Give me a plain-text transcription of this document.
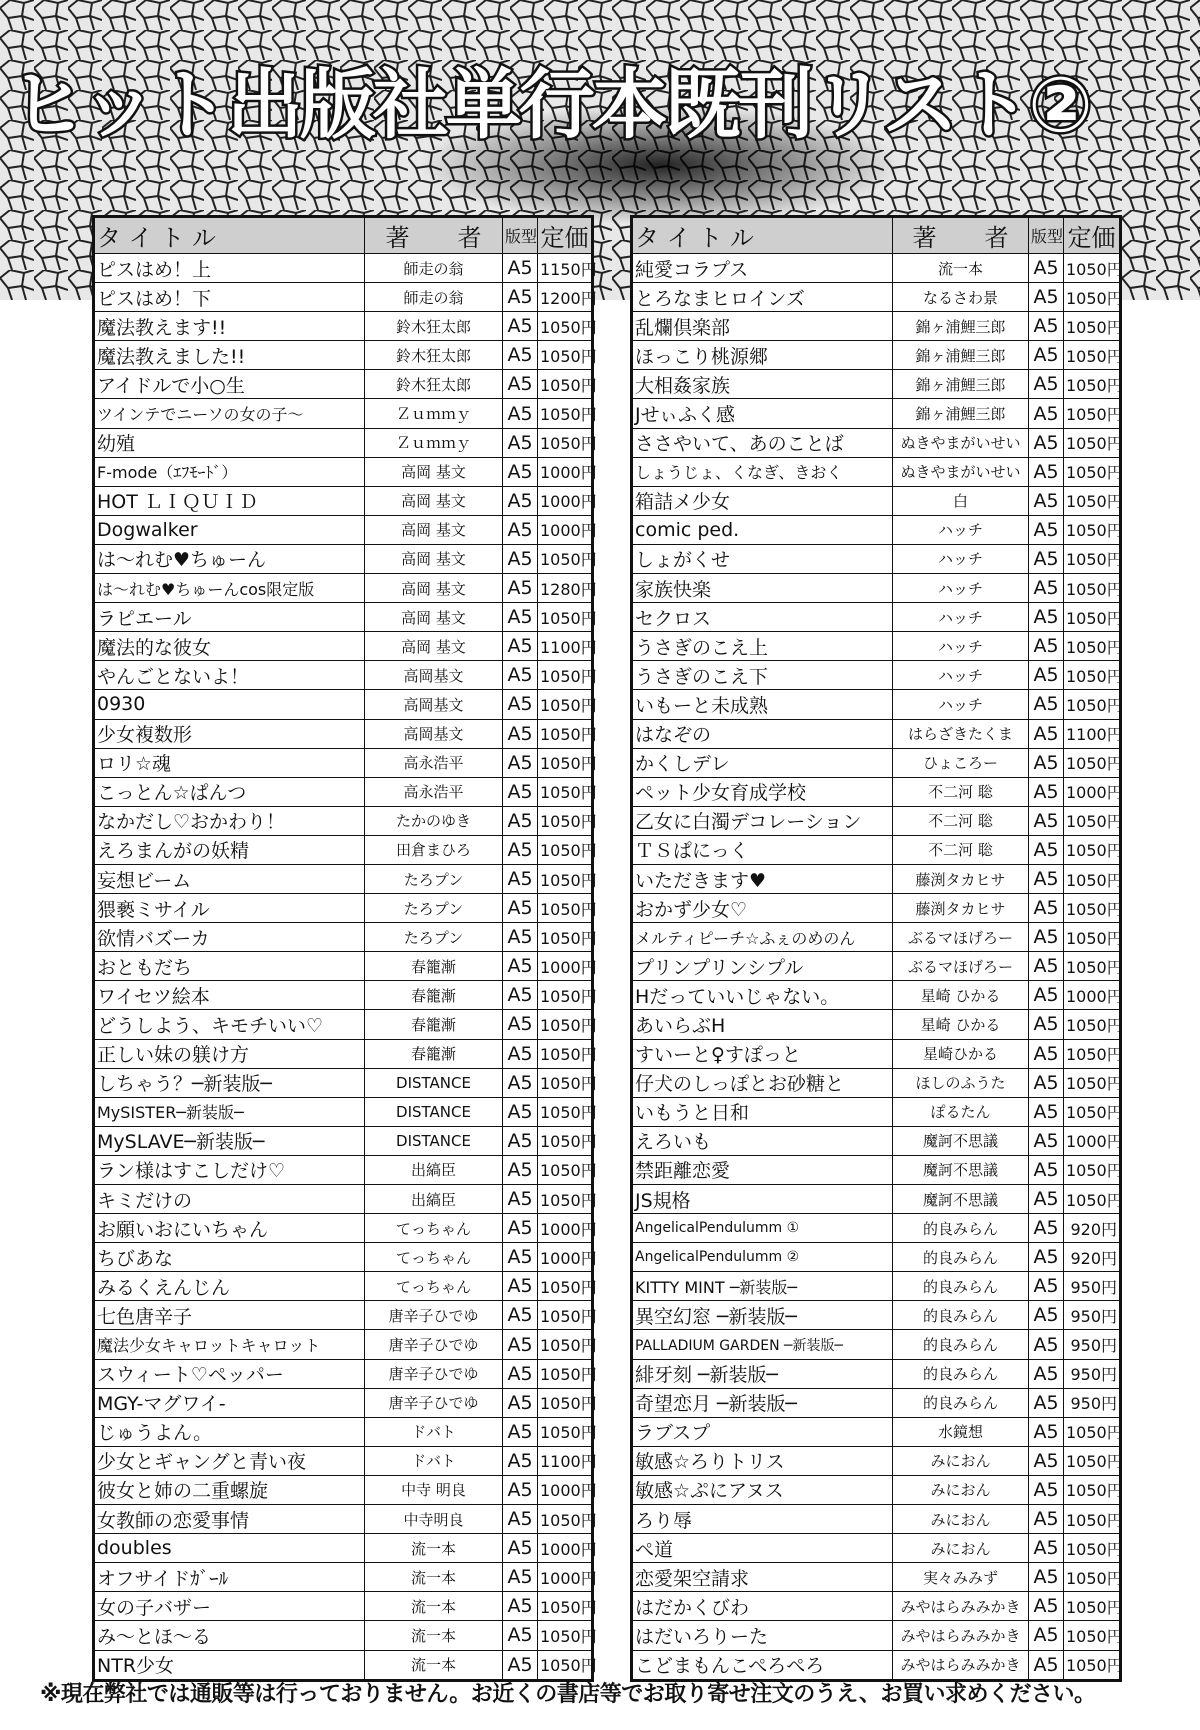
ヒット出版社単行本既刊リスト②
タ イ ト ル	著　　者	版型	定価
ピスはめ！上	師走の翁	A5	1150円
ピスはめ！下	師走の翁	A5	1200円
魔法教えます!!	鈴木狂太郎	A5	1050円
魔法教えました!!	鈴木狂太郎	A5	1050円
アイドルで小○生	鈴木狂太郎	A5	1050円
ツインテでニーソの女の子～	Ｚｕｍｍｙ	A5	1050円
幼殖	Ｚｕｍｍｙ	A5	1050円
F-mode（ｴﾌﾓｰﾄﾞ）	高岡 基文	A5	1000円
HOT ＬＩＱＵＩＤ	高岡 基文	A5	1000円
Dogwalker	高岡 基文	A5	1000円
は～れむ♥ちゅーん	高岡 基文	A5	1050円
は～れむ♥ちゅーんcos限定版	高岡 基文	A5	1280円
ラピエール	高岡 基文	A5	1050円
魔法的な彼女	高岡 基文	A5	1100円
やんごとないよ！	高岡基文	A5	1050円
0930	高岡基文	A5	1050円
少女複数形	高岡基文	A5	1050円
ロリ☆魂	高永浩平	A5	1050円
こっとん☆ぱんつ	高永浩平	A5	1050円
なかだし♡おかわり！	たかのゆき	A5	1050円
えろまんがの妖精	田倉まひろ	A5	1050円
妄想ビーム	たろプン	A5	1050円
猥褻ミサイル	たろプン	A5	1050円
欲情バズーカ	たろプン	A5	1050円
おともだち	春籠漸	A5	1000円
ワイセツ絵本	春籠漸	A5	1050円
どうしよう、キモチいい♡	春籠漸	A5	1050円
正しい妹の躾け方	春籠漸	A5	1050円
しちゃう？─新装版─	DISTANCE	A5	1050円
MySISTER─新装版─	DISTANCE	A5	1050円
MySLAVE─新装版─	DISTANCE	A5	1050円
ラン様はすこしだけ♡	出縞臣	A5	1050円
キミだけの	出縞臣	A5	1050円
お願いおにいちゃん	てっちゃん	A5	1000円
ちびあな	てっちゃん	A5	1000円
みるくえんじん	てっちゃん	A5	1050円
七色唐辛子	唐辛子ひでゆ	A5	1050円
魔法少女キャロットキャロット	唐辛子ひでゆ	A5	1050円
スウィート♡ペッパー	唐辛子ひでゆ	A5	1050円
MGY-マグワイ-	唐辛子ひでゆ	A5	1050円
じゅうよん。	ドバト	A5	1050円
少女とギャングと青い夜	ドバト	A5	1100円
彼女と姉の二重螺旋	中寺 明良	A5	1000円
女教師の恋愛事情	中寺明良	A5	1050円
doubles	流一本	A5	1000円
オフサイドｶﾞｰﾙ	流一本	A5	1000円
女の子バザー	流一本	A5	1050円
み～とほ～る	流一本	A5	1050円
NTR少女	流一本	A5	1050円
タ イ ト ル	著　　者	版型	定価
純愛コラプス	流一本	A5	1050円
とろなまヒロインズ	なるさわ景	A5	1050円
乱爛倶楽部	錦ヶ浦鯉三郎	A5	1050円
ほっこり桃源郷	錦ヶ浦鯉三郎	A5	1050円
大相姦家族	錦ヶ浦鯉三郎	A5	1050円
Jせぃふく感	錦ヶ浦鯉三郎	A5	1050円
ささやいて、あのことば	ぬきやまがいせい	A5	1050円
しょうじょ、くなぎ、きおく	ぬきやまがいせい	A5	1050円
箱詰メ少女	白	A5	1050円
comic ped.	ハッチ	A5	1050円
しょがくせ	ハッチ	A5	1050円
家族快楽	ハッチ	A5	1050円
セクロス	ハッチ	A5	1050円
うさぎのこえ上	ハッチ	A5	1050円
うさぎのこえ下	ハッチ	A5	1050円
いもーと未成熟	ハッチ	A5	1050円
はなぞの	はらざきたくま	A5	1100円
かくしデレ	ひょころー	A5	1050円
ペット少女育成学校	不二河 聡	A5	1000円
乙女に白濁デコレーション	不二河 聡	A5	1050円
ＴＳぱにっく	不二河 聡	A5	1050円
いただきます♥	藤渕タカヒサ	A5	1050円
おかず少女♡	藤渕タカヒサ	A5	1050円
メルティピーチ☆ふぇのめのん	ぶるマほげろー	A5	1050円
プリンプリンシプル	ぶるマほげろー	A5	1050円
Hだっていいじゃない。	星崎 ひかる	A5	1000円
あいらぶH	星崎 ひかる	A5	1050円
すいーと♀すぽっと	星崎ひかる	A5	1050円
仔犬のしっぽとお砂糖と	ほしのふうた	A5	1050円
いもうと日和	ぽるたん	A5	1050円
えろいも	魔訶不思議	A5	1000円
禁距離恋愛	魔訶不思議	A5	1050円
JS規格	魔訶不思議	A5	1050円
AngelicalPendulumm ①	的良みらん	A5	920円
AngelicalPendulumm ②	的良みらん	A5	920円
KITTY MINT ─新装版─	的良みらん	A5	950円
異空幻窓 ─新装版─	的良みらん	A5	950円
PALLADIUM GARDEN ─新装版─	的良みらん	A5	950円
緋牙刻 ─新装版─	的良みらん	A5	950円
奇望恋月 ─新装版─	的良みらん	A5	950円
ラブスプ	水鏡想	A5	1050円
敏感☆ろりトリス	みにおん	A5	1050円
敏感☆ぷにアヌス	みにおん	A5	1050円
ろり辱	みにおん	A5	1050円
ぺ道	みにおん	A5	1050円
恋愛架空請求	実々みみず	A5	1050円
はだかくびわ	みやはらみみかき	A5	1050円
はだいろりーた	みやはらみみかき	A5	1050円
こどまもんこぺろぺろ	みやはらみみかき	A5	1050円
※現在弊社では通販等は行っておりません。お近くの書店等でお取り寄せ注文のうえ、お買い求めください。
